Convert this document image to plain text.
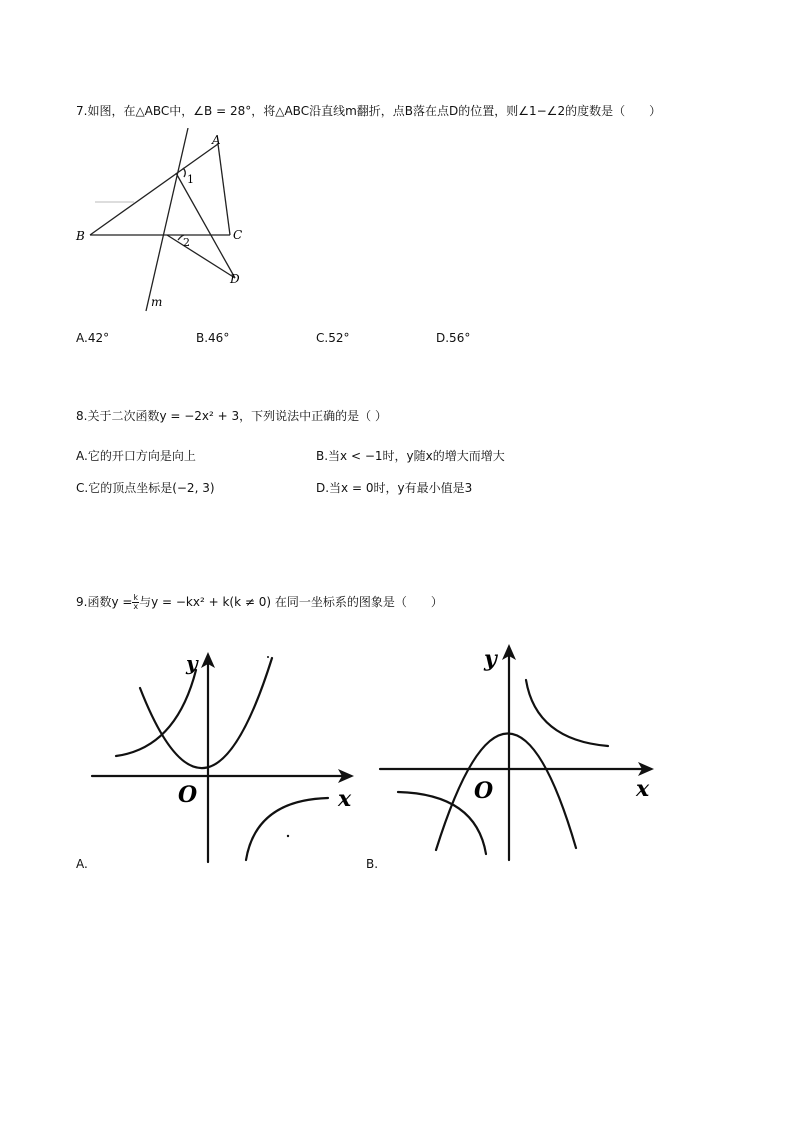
7.如图，在△ABC中，∠B = 28°，将△ABC沿直线m翻折，点B落在点D的位置，则∠1−∠2的度数是（　　）
A
B	C
D
m
1
2
A.42°	B.46°	C.52°	D.56°
8.关于二次函数y = −2x² + 3，下列说法中正确的是（ ）
A.它的开口方向是向上	B.当x < −1时，y随x的增大而增大
C.它的顶点坐标是(−2, 3)	D.当x = 0时，y有最小值是3
9.函数$y = \frac{k}{x}$ 与y = −kx² + k(k ≠ 0) 在同一坐标系的图象是（　　）
y
O	x
A.
y
O	x
B.
